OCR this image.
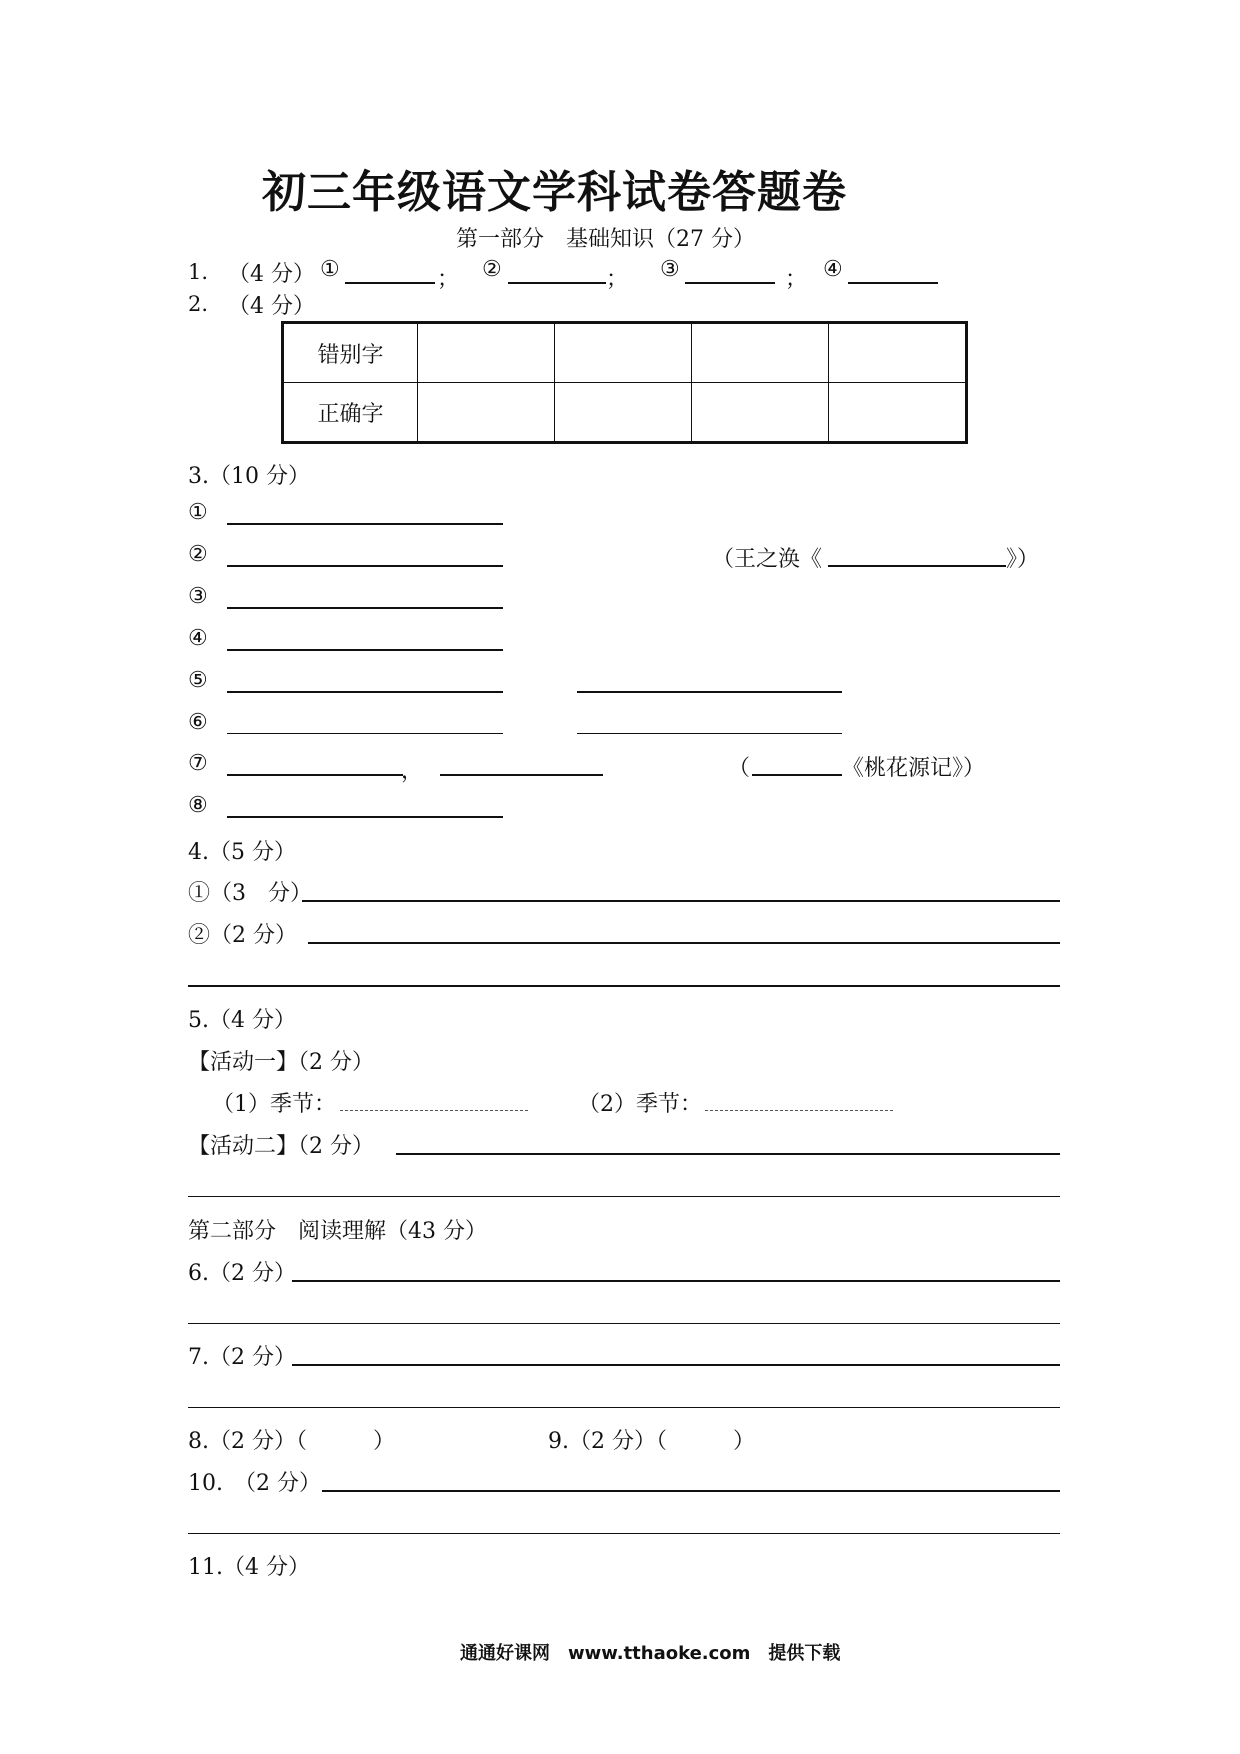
初三年级语文学科试卷答题卷
第一部分　基础知识（27 分）
1. （4 分） ①	； ②	； ③	； ④
2. （4 分）
错别字				
正确字				
3.（10 分）
①
②	（王之涣《	》）
③
④
⑤
⑥
⑦	，	（	《桃花源记》）
⑧
4.（5 分）
①（3　分）
②（2 分）
5.（4 分）
【活动一】（2 分）
（1）季节：	（2）季节：
【活动二】（2 分）
第二部分　阅读理解（43 分）
6.（2 分）
7.（2 分）
8.（2 分）（　　　）	9.（2 分）（　　　）
10.　（2 分）
11.（4 分）
通通好课网　www.tthaoke.com　提供下载
